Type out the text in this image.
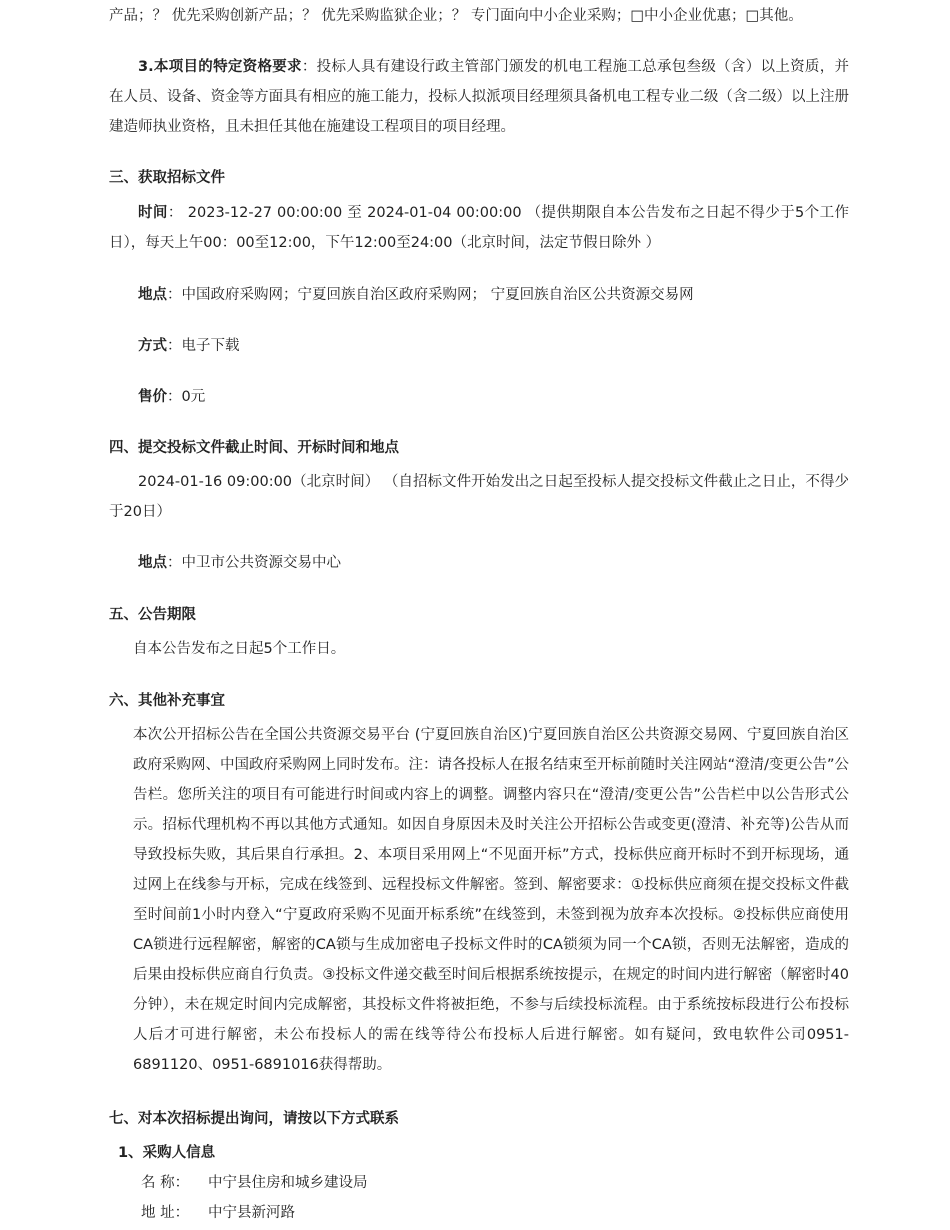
产品；？ 优先采购创新产品；？ 优先采购监狱企业；？ 专门面向中小企业采购；□中小企业优惠；□其他。
3.本项目的特定资格要求：投标人具有建设行政主管部门颁发的机电工程施工总承包叁级（含）以上资质，并在人员、设备、资金等方面具有相应的施工能力，投标人拟派项目经理须具备机电工程专业二级（含二级）以上注册建造师执业资格，且未担任其他在施建设工程项目的项目经理。
三、获取招标文件
时间： 2023-12-27 00:00:00 至 2024-01-04 00:00:00 （提供期限自本公告发布之日起不得少于5个工作日），每天上午00：00至12:00，下午12:00至24:00（北京时间，法定节假日除外 ）
地点：中国政府采购网；宁夏回族自治区政府采购网； 宁夏回族自治区公共资源交易网
方式：电子下载
售价：0元
四、提交投标文件截止时间、开标时间和地点
2024-01-16 09:00:00（北京时间） （自招标文件开始发出之日起至投标人提交投标文件截止之日止，不得少于20日）
地点：中卫市公共资源交易中心
五、公告期限
自本公告发布之日起5个工作日。
六、其他补充事宜
本次公开招标公告在全国公共资源交易平台 (宁夏回族自治区)宁夏回族自治区公共资源交易网、宁夏回族自治区政府采购网、中国政府采购网上同时发布。注：请各投标人在报名结束至开标前随时关注网站“澄清/变更公告”公告栏。您所关注的项目有可能进行时间或内容上的调整。调整内容只在“澄清/变更公告”公告栏中以公告形式公示。招标代理机构不再以其他方式通知。如因自身原因未及时关注公开招标公告或变更(澄清、补充等)公告从而导致投标失败，其后果自行承担。2、本项目采用网上“不见面开标”方式，投标供应商开标时不到开标现场，通过网上在线参与开标，完成在线签到、远程投标文件解密。签到、解密要求：①投标供应商须在提交投标文件截至时间前1小时内登入“宁夏政府采购不见面开标系统”在线签到，未签到视为放弃本次投标。②投标供应商使用CA锁进行远程解密，解密的CA锁与生成加密电子投标文件时的CA锁须为同一个CA锁，否则无法解密，造成的后果由投标供应商自行负责。③投标文件递交截至时间后根据系统按提示，在规定的时间内进行解密（解密时40分钟），未在规定时间内完成解密，其投标文件将被拒绝，不参与后续投标流程。由于系统按标段进行公布投标人后才可进行解密，未公布投标人的需在线等待公布投标人后进行解密。如有疑问，致电软件公司0951-6891120、0951-6891016获得帮助。
七、对本次招标提出询问，请按以下方式联系
1、采购人信息
名 称： 中宁县住房和城乡建设局
地 址： 中宁县新河路
